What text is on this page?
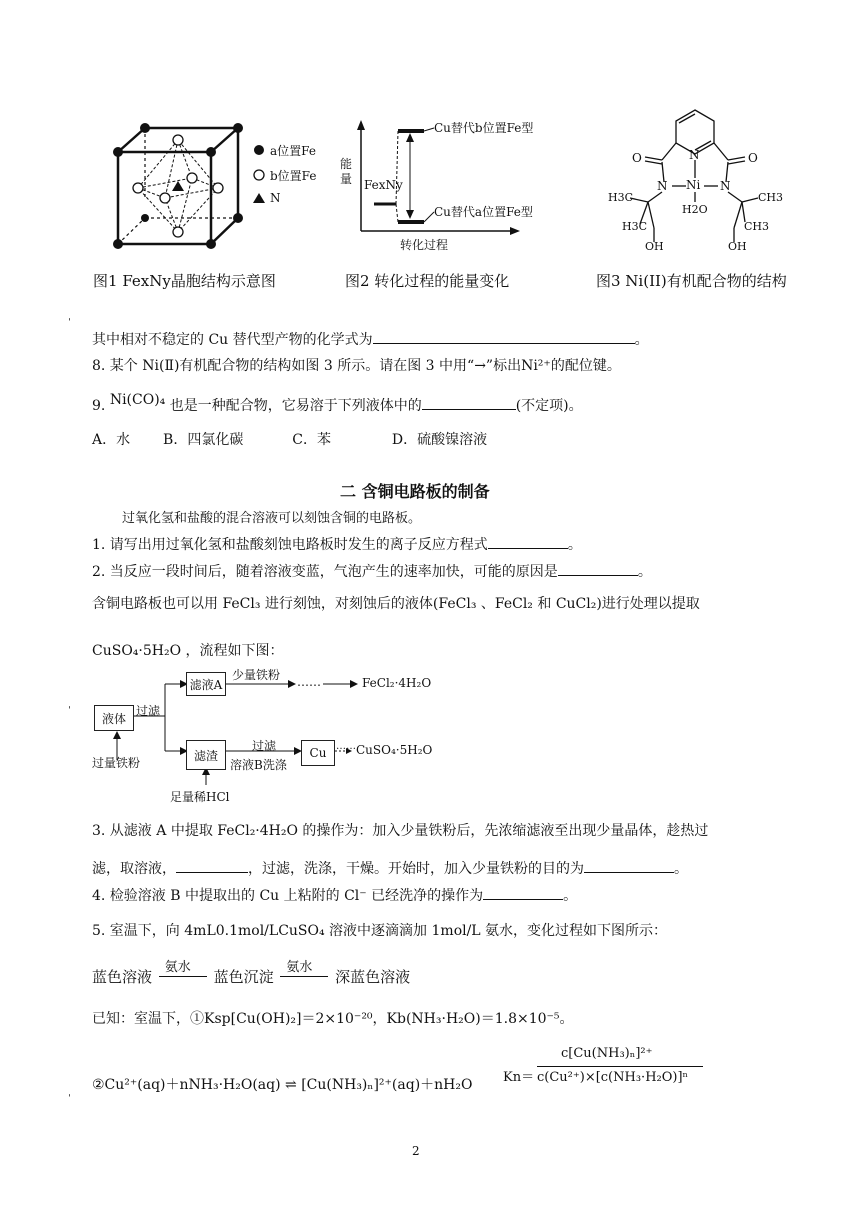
a位置Fe
b位置Fe
N
图1 FexNy晶胞结构示意图
能量 FexNy
Cu替代b位置Fe型
Cu替代a位置Fe型
转化过程
图2 转化过程的能量变化
O	N	O
N Ni N
H3C	CH3
H3C
H2O
CH3
OH	OH
图3 Ni(II)有机配合物的结构
ˈ
ˈ
ˈ
其中相对不稳定的 Cu 替代型产物的化学式为	。
8. 某个 Ni(Ⅱ)有机配合物的结构如图 3 所示。请在图 3 中用“→”标出Ni²⁺的配位键。
9. Ni(CO)₄ 也是一种配合物，它易溶于下列液体中的	(不定项)。
A．水 B．四氯化碳	C．苯	D．硫酸镍溶液
二 含铜电路板的制备
过氧化氢和盐酸的混合溶液可以刻蚀含铜的电路板。
1. 请写出用过氧化氢和盐酸刻蚀电路板时发生的离子反应方程式	。
2. 当反应一段时间后，随着溶液变蓝，气泡产生的速率加快，可能的原因是	。
含铜电路板也可以用 FeCl₃ 进行刻蚀，对刻蚀后的液体(FeCl₃ 、FeCl₂ 和 CuCl₂)进行处理以提取
CuSO₄·5H₂O ，流程如下图：
液体
过滤
过量铁粉
滤液A
少量铁粉 ……	FeCl₂·4H₂O
滤渣
过滤
溶液B洗涤
Cu …… CuSO₄·5H₂O
足量稀HCl
3. 从滤液 A 中提取 FeCl₂·4H₂O 的操作为：加入少量铁粉后，先浓缩滤液至出现少量晶体，趁热过
滤，取溶液，	，过滤，洗涤，干燥。开始时，加入少量铁粉的目的为	。
4. 检验溶液 B 中提取出的 Cu 上粘附的 Cl⁻ 已经洗净的操作为	。
5. 室温下，向 4mL0.1mol/LCuSO₄ 溶液中逐滴滴加 1mol/L 氨水，变化过程如下图所示：
蓝色溶液
氨水
蓝色沉淀
氨水
深蓝色溶液
已知：室温下，①Ksp[Cu(OH)₂]＝2×10⁻²⁰，Kb(NH₃·H₂O)＝1.8×10⁻⁵。
②Cu²⁺(aq)＋nNH₃·H₂O(aq) ⇌ [Cu(NH₃)ₙ]²⁺(aq)＋nH₂O Kn＝
c[Cu(NH₃)ₙ]²⁺
c(Cu²⁺)×[c(NH₃·H₂O)]ⁿ
2
